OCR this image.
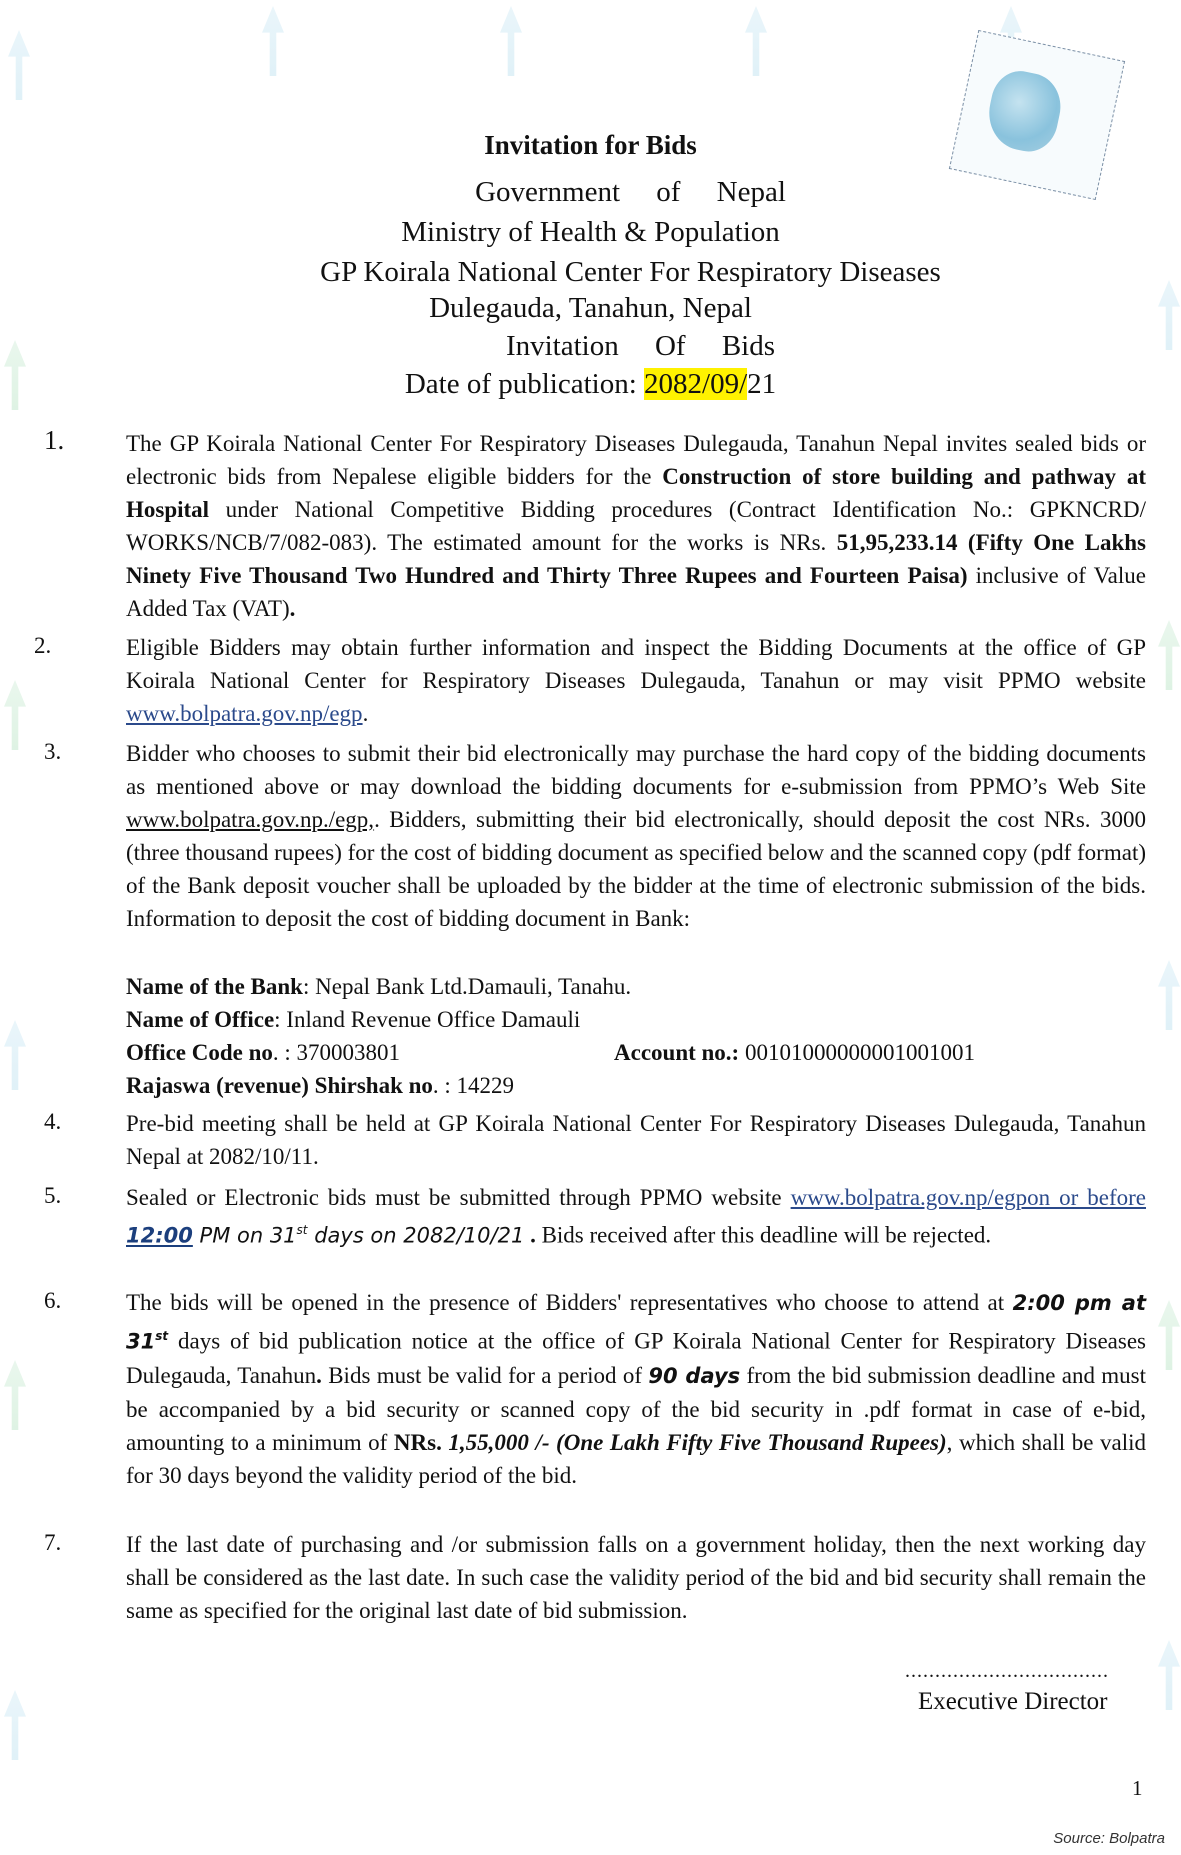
Invitation for Bids
Government     of     Nepal
Ministry of Health & Population
GP Koirala National Center For Respiratory Diseases
Dulegauda, Tanahun, Nepal
Invitation     Of     Bids
Date of publication: 2082/09/21
1.	The GP Koirala National Center For Respiratory Diseases Dulegauda, Tanahun Nepal invites sealed bids or electronic bids from Nepalese eligible bidders for the Construction of store building and pathway at Hospital under National Competitive Bidding procedures (Contract Identification No.: GPKNCRD/ WORKS/NCB/7/082-083). The estimated amount for the works is NRs. 51,95,233.14 (Fifty One Lakhs Ninety Five Thousand Two Hundred and Thirty Three Rupees and Fourteen Paisa) inclusive of Value Added Tax (VAT).
2.	Eligible Bidders may obtain further information and inspect the Bidding Documents at the office of GP Koirala National Center for Respiratory Diseases Dulegauda, Tanahun or may visit PPMO website www.bolpatra.gov.np/egp.
3.	Bidder who chooses to submit their bid electronically may purchase the hard copy of the bidding documents as mentioned above or may download the bidding documents for e-submission from PPMO’s Web Site www.bolpatra.gov.np./egp,. Bidders, submitting their bid electronically, should deposit the cost NRs. 3000 (three thousand rupees) for the cost of bidding document as specified below and the scanned copy (pdf format) of the Bank deposit voucher shall be uploaded by the bidder at the time of electronic submission of the bids. Information to deposit the cost of bidding document in Bank:
Name of the Bank: Nepal Bank Ltd.Damauli, Tanahu.
Name of Office: Inland Revenue Office Damauli
Office Code no. : 370003801	Account no.: 00101000000001001001
Rajaswa (revenue) Shirshak no. : 14229
4.	Pre-bid meeting shall be held at GP Koirala National Center For Respiratory Diseases Dulegauda, Tanahun Nepal at 2082/10/11.
5.	Sealed or Electronic bids must be submitted through PPMO website www.bolpatra.gov.np/egpon or before 12:00 PM on 31st days on 2082/10/21 . Bids received after this deadline will be rejected.
6.	The bids will be opened in the presence of Bidders' representatives who choose to attend at 2:00 pm at 31st days of bid publication notice at the office of GP Koirala National Center for Respiratory Diseases Dulegauda, Tanahun. Bids must be valid for a period of 90 days from the bid submission deadline and must be accompanied by a bid security or scanned copy of the bid security in .pdf format in case of e-bid, amounting to a minimum of NRs. 1,55,000 /- (One Lakh Fifty Five Thousand Rupees), which shall be valid for 30 days beyond the validity period of the bid.
7.	If the last date of purchasing and /or submission falls on a government holiday, then the next working day shall be considered as the last date. In such case the validity period of the bid and bid security shall remain the same as specified for the original last date of bid submission.
..................................
Executive Director
1
Source: Bolpatra
